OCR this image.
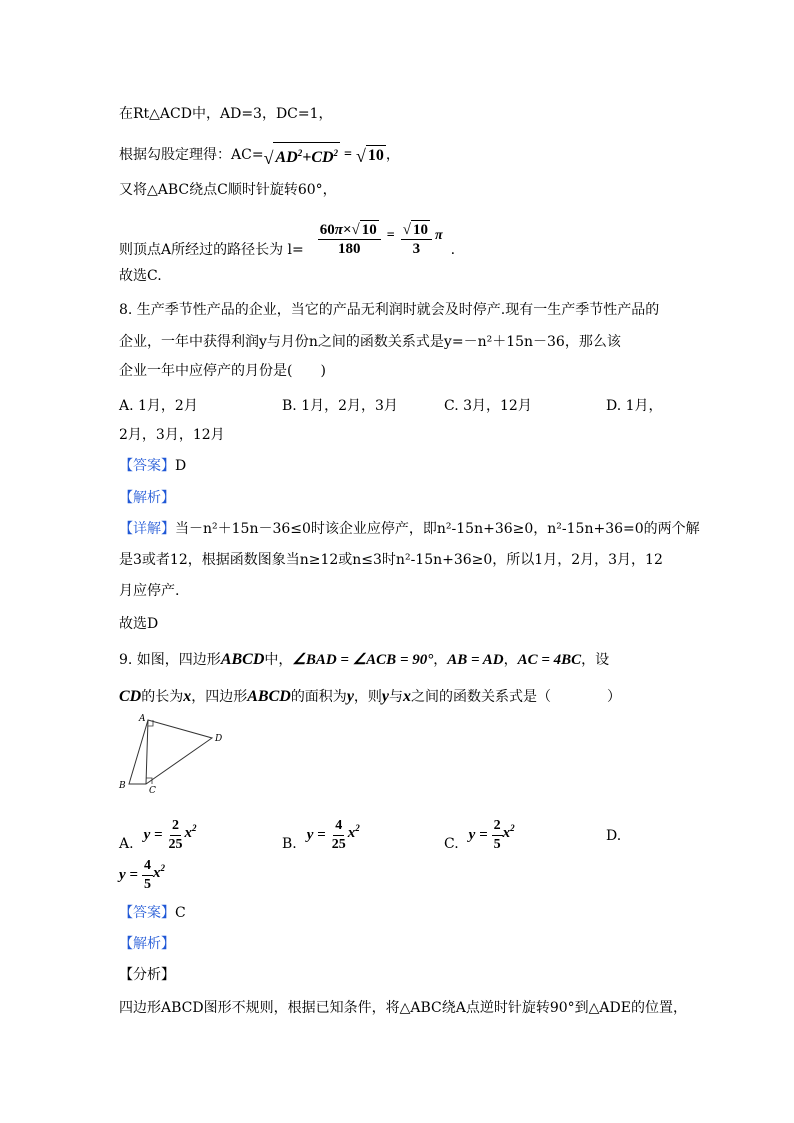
在Rt△ACD中，AD=3，DC=1，
根据勾股定理得：AC= √ $AD^2+CD^2$ = √ 10 ，
又将△ABC绕点C顺时针旋转60°，
则顶点A所经过的路径长为 $l= \frac{60\pi\times √ 10}{180} = \frac{√ 10}{3}$ π
.
故选C.
8. 生产季节性产品的企业，当它的产品无利润时就会及时停产.现有一生产季节性产品的
企业，一年中获得利润y与月份n之间的函数关系式是y=－n²＋15n－36，那么该
企业一年中应停产的月份是(　　)
A. 1月，2月	B. 1月，2月，3月	C. 3月，12月	D. 1月，
2月，3月，12月
【答案】D
【解析】
【详解】当－n²＋15n－36≤0时该企业应停产，即n²-15n+36≥0，n²-15n+36=0的两个解
是3或者12，根据函数图象当n≥12或n≤3时n²-15n+36≥0，所以1月，2月，3月，12
月应停产.
故选D
9. 如图，四边形ABCD中，∠BAD = ∠ACB = 90°，AB = AD，AC = 4BC，设
CD的长为x，四边形ABCD的面积为y，则y与x之间的函数关系式是（　　　　）
A
B	C
D
A.
$y = \frac{2}{25} x^2$
B.
$y = \frac{4}{25} x^2$
C.
$y = \frac{2}{5} x^2$	D.
$y = \frac{4}{5} x^2$
【答案】C
【解析】
【分析】
四边形ABCD图形不规则，根据已知条件，将△ABC绕A点逆时针旋转90°到△ADE的位置，
